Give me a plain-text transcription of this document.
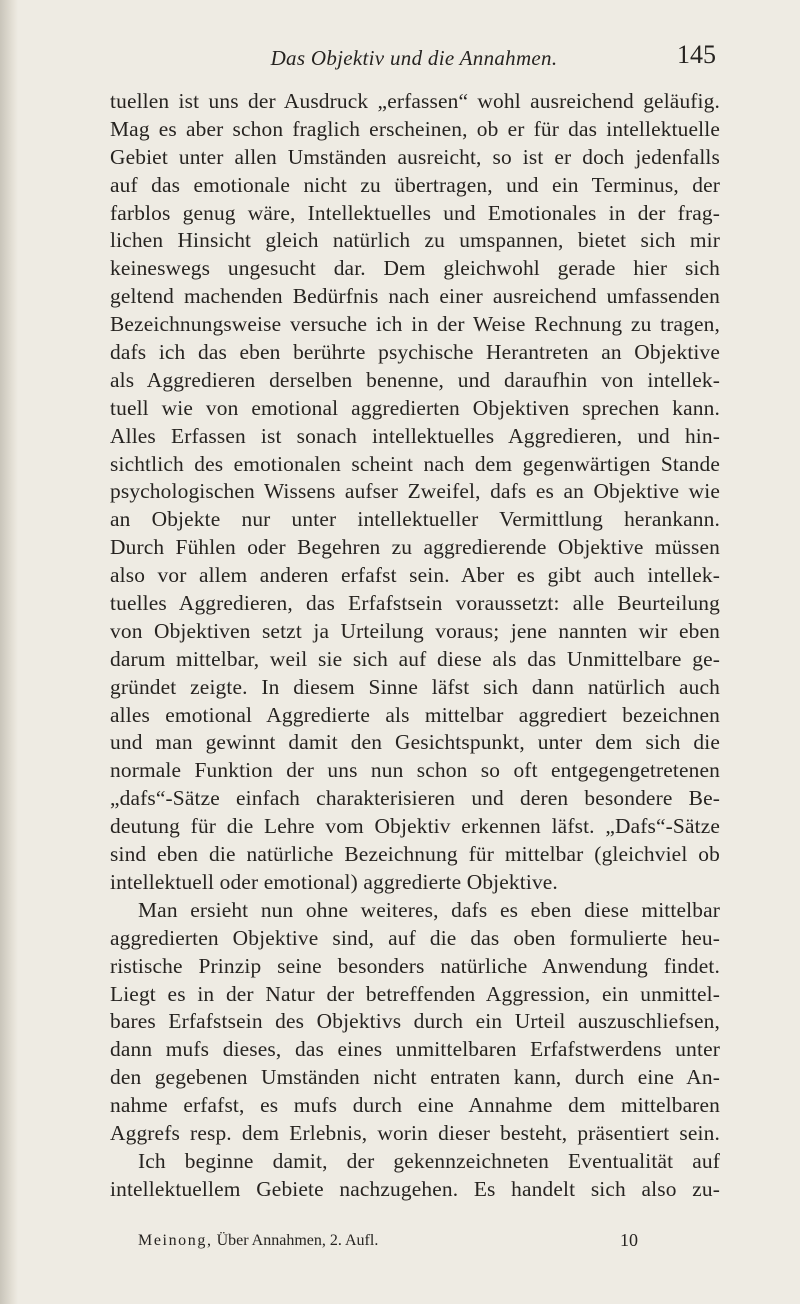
Das Objektiv und die Annahmen.	145
tuellen ist uns der Ausdruck „erfassen“ wohl ausreichend geläufig.
Mag es aber schon fraglich erscheinen, ob er für das intellektuelle
Gebiet unter allen Umständen ausreicht, so ist er doch jedenfalls
auf das emotionale nicht zu übertragen, und ein Terminus, der
farblos genug wäre, Intellektuelles und Emotionales in der frag-
lichen Hinsicht gleich natürlich zu umspannen, bietet sich mir
keineswegs ungesucht dar. Dem gleichwohl gerade hier sich
geltend machenden Bedürfnis nach einer ausreichend umfassenden
Bezeichnungsweise versuche ich in der Weise Rechnung zu tragen,
dafs ich das eben berührte psychische Herantreten an Objektive
als Aggredieren derselben benenne, und daraufhin von intellek-
tuell wie von emotional aggredierten Objektiven sprechen kann.
Alles Erfassen ist sonach intellektuelles Aggredieren, und hin-
sichtlich des emotionalen scheint nach dem gegenwärtigen Stande
psychologischen Wissens aufser Zweifel, dafs es an Objektive wie
an Objekte nur unter intellektueller Vermittlung herankann.
Durch Fühlen oder Begehren zu aggredierende Objektive müssen
also vor allem anderen erfafst sein. Aber es gibt auch intellek-
tuelles Aggredieren, das Erfafstsein voraussetzt: alle Beurteilung
von Objektiven setzt ja Urteilung voraus; jene nannten wir eben
darum mittelbar, weil sie sich auf diese als das Unmittelbare ge-
gründet zeigte. In diesem Sinne läfst sich dann natürlich auch
alles emotional Aggredierte als mittelbar aggrediert bezeichnen
und man gewinnt damit den Gesichtspunkt, unter dem sich die
normale Funktion der uns nun schon so oft entgegengetretenen
„dafs“-Sätze einfach charakterisieren und deren besondere Be-
deutung für die Lehre vom Objektiv erkennen läfst. „Dafs“-Sätze
sind eben die natürliche Bezeichnung für mittelbar (gleichviel ob
intellektuell oder emotional) aggredierte Objektive.
Man ersieht nun ohne weiteres, dafs es eben diese mittelbar
aggredierten Objektive sind, auf die das oben formulierte heu-
ristische Prinzip seine besonders natürliche Anwendung findet.
Liegt es in der Natur der betreffenden Aggression, ein unmittel-
bares Erfafstsein des Objektivs durch ein Urteil auszuschliefsen,
dann mufs dieses, das eines unmittelbaren Erfafstwerdens unter
den gegebenen Umständen nicht entraten kann, durch eine An-
nahme erfafst, es mufs durch eine Annahme dem mittelbaren
Aggrefs resp. dem Erlebnis, worin dieser besteht, präsentiert sein.
Ich beginne damit, der gekennzeichneten Eventualität auf
intellektuellem Gebiete nachzugehen. Es handelt sich also zu-
Meinong, Über Annahmen, 2. Aufl.	10
